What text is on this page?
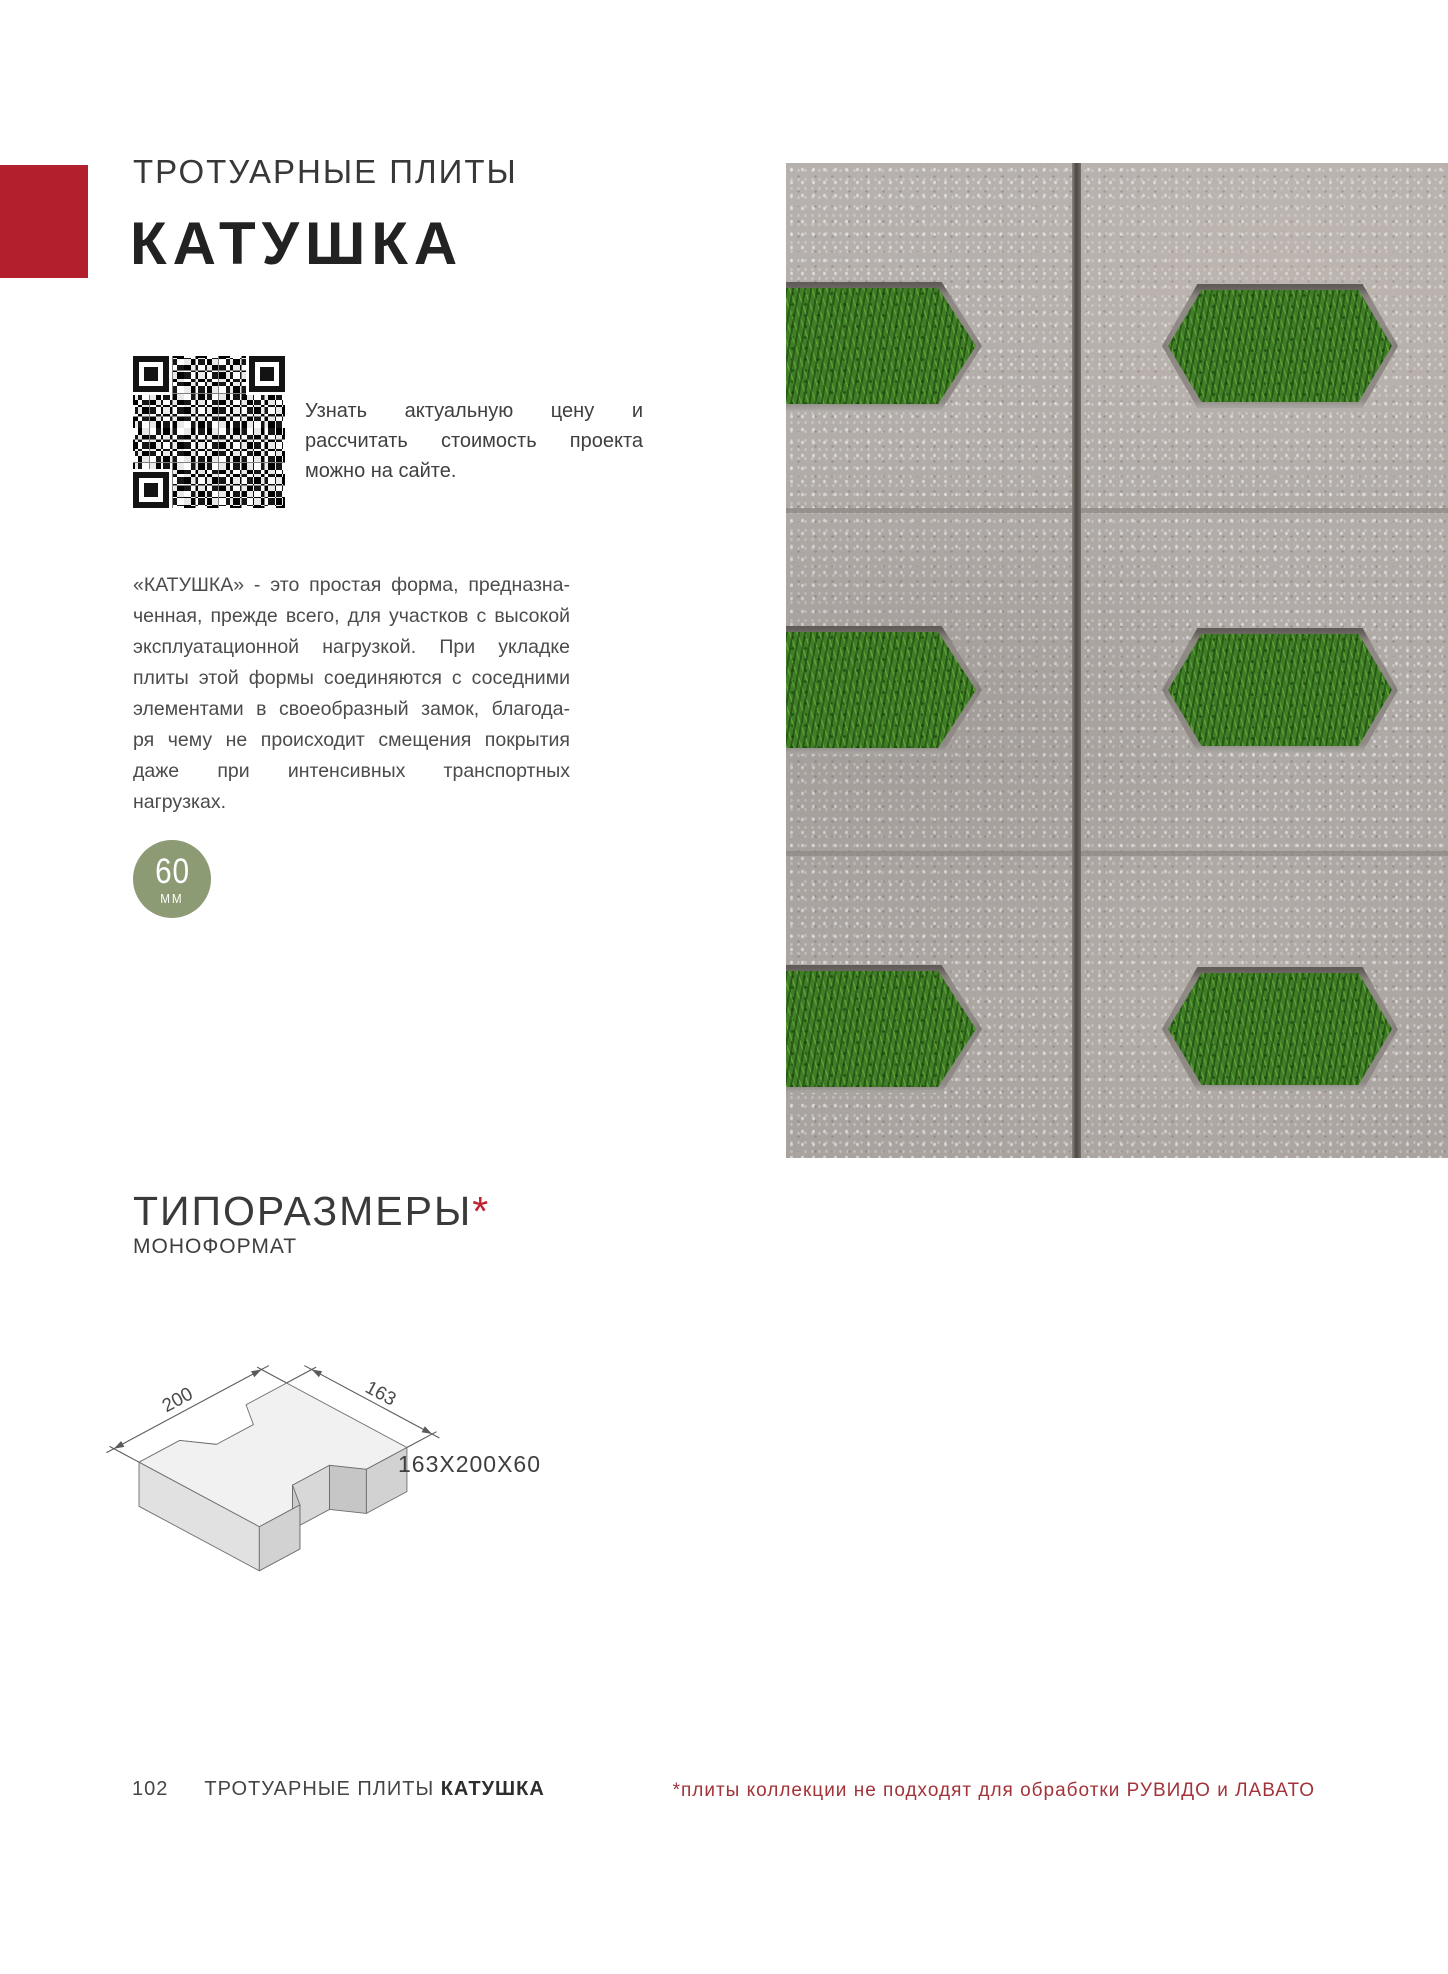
ТРОТУАРНЫЕ ПЛИТЫ
КАТУШКА
Узнать актуальную цену и рассчитать стоимость проекта можно на сайте.
«КАТУШКА» - это простая форма, предназна-
ченная, прежде всего, для участков с высокой
эксплуатационной нагрузкой. При укладке
плиты этой формы соединяются с соседними
элементами в своеобразный замок, благода-
ря чему не происходит смещения покрытия
даже при интенсивных транспортных нагрузках.
60
ММ
ТИПОРАЗМЕРЫ*
МОНОФОРМАТ
200	163
163X200X60
102 ТРОТУАРНЫЕ ПЛИТЫ КАТУШКА	*плиты коллекции не подходят для обработки РУВИДО и ЛАВАТО
